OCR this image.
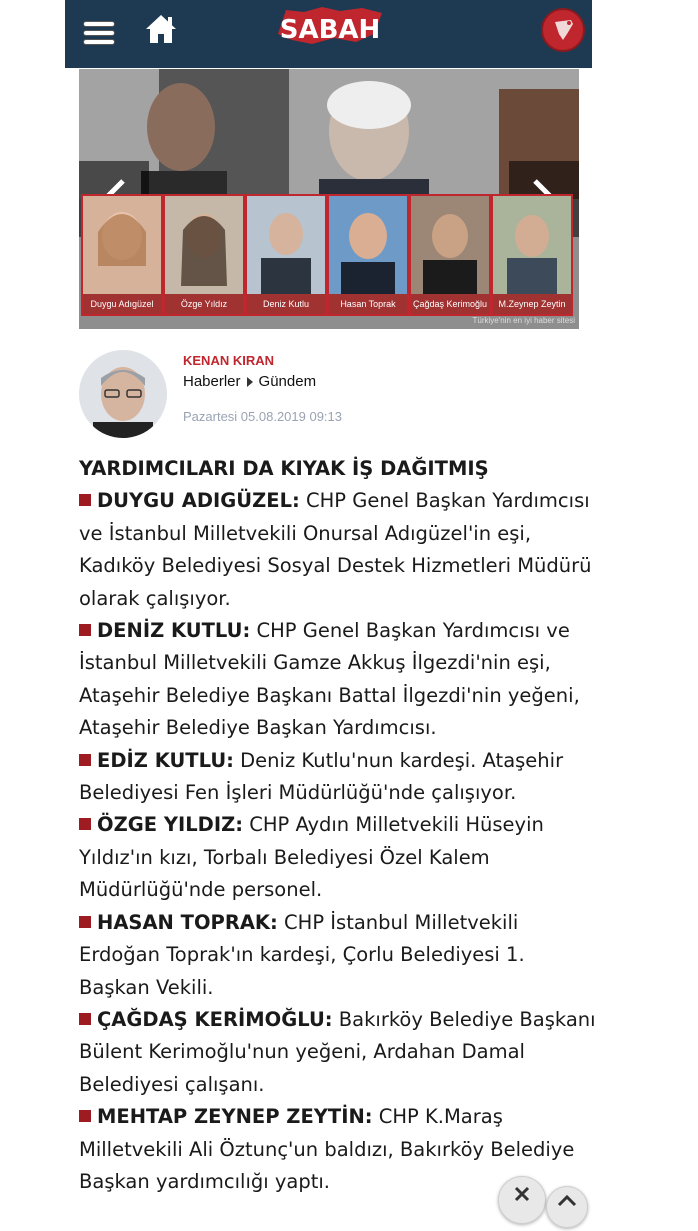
SABAH
Duygu Adıgüzel	Özge Yıldız	Deniz Kutlu	Hasan Toprak	Çağdaş Kerimoğlu	M.Zeynep Zeytin
Türkiye'nin en iyi haber sitesi
KENAN KIRAN
Haberler Gündem
Pazartesi 05.08.2019 09:13

YARDIMCILARI DA KIYAK İŞ DAĞITMIŞ

DUYGU ADIGÜZEL: CHP Genel Başkan Yardımcısı ve İstanbul Milletvekili Onursal Adıgüzel'in eşi, Kadıköy Belediyesi Sosyal Destek Hizmetleri Müdürü olarak çalışıyor.

DENİZ KUTLU: CHP Genel Başkan Yardımcısı ve İstanbul Milletvekili Gamze Akkuş İlgezdi'nin eşi, Ataşehir Belediye Başkanı Battal İlgezdi'nin yeğeni, Ataşehir Belediye Başkan Yardımcısı.

EDİZ KUTLU: Deniz Kutlu'nun kardeşi. Ataşehir Belediyesi Fen İşleri Müdürlüğü'nde çalışıyor.

ÖZGE YILDIZ: CHP Aydın Milletvekili Hüseyin Yıldız'ın kızı, Torbalı Belediyesi Özel Kalem Müdürlüğü'nde personel.

HASAN TOPRAK: CHP İstanbul Milletvekili Erdoğan Toprak'ın kardeşi, Çorlu Belediyesi 1. Başkan Vekili.

ÇAĞDAŞ KERİMOĞLU: Bakırköy Belediye Başkanı Bülent Kerimoğlu'nun yeğeni, Ardahan Damal Belediyesi çalışanı.

MEHTAP ZEYNEP ZEYTİN: CHP K.Maraş Milletvekili Ali Öztunç'un baldızı, Bakırköy Belediye Başkan yardımcılığı yaptı.
